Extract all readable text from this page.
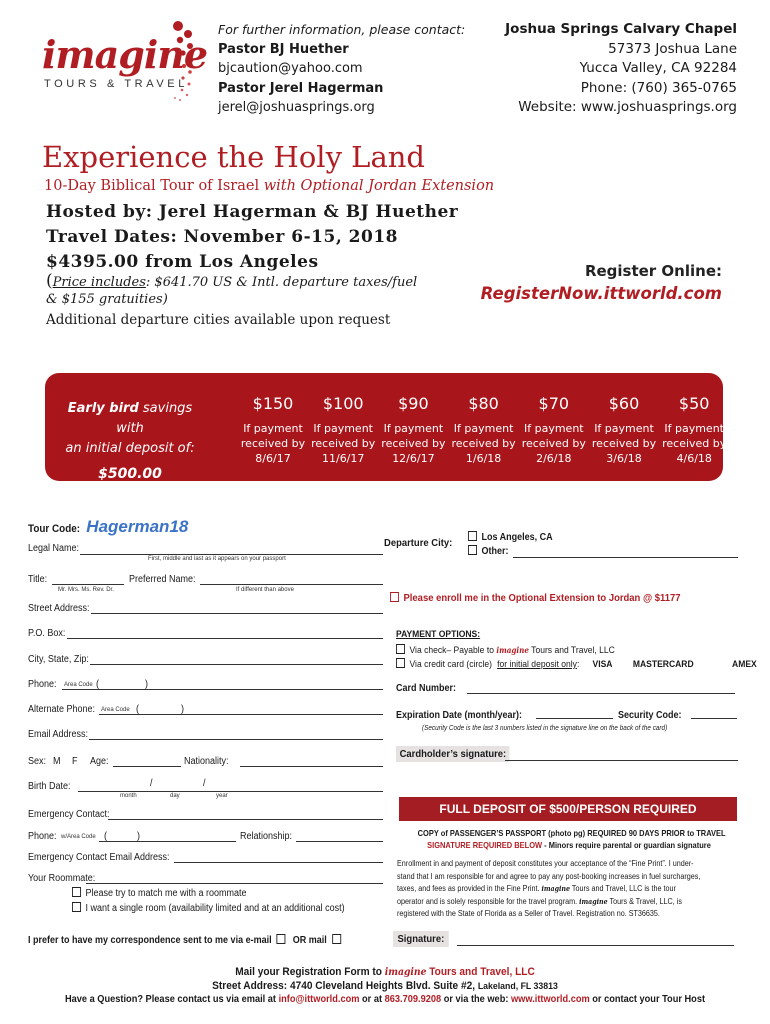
imagine
TOURS & TRAVEL
For further information, please contact:
Pastor BJ Huether
bjcaution@yahoo.com
Pastor Jerel Hagerman
jerel@joshuasprings.org
Joshua Springs Calvary Chapel
57373 Joshua Lane
Yucca Valley, CA 92284
Phone: (760) 365-0765
Website: www.joshuasprings.org
Experience the Holy Land
10-Day Biblical Tour of Israel with Optional Jordan Extension
Hosted by: Jerel Hagerman & BJ Huether
Travel Dates: November 6-15, 2018
$4395.00 from Los Angeles
(Price includes: $641.70 US & Intl. departure taxes/fuel
& $155 gratuities)
Additional departure cities available upon request
Register Online:
RegisterNow.ittworld.com
Early bird savings with
an initial deposit of:
$500.00
$150
If payment
received by
8/6/17
$100
If payment
received by
11/6/17
$90
If payment
received by
12/6/17
$80
If payment
received by
1/6/18
$70
If payment
received by
2/6/18
$60
If payment
received by
3/6/18
$50
If payment
received by
4/6/18
Tour Code: Hagerman18
Legal Name:
First, middle and last as it appears on your passport
Title:
Mr. Mrs. Ms. Rev. Dr.
Preferred Name:
If different than above
Street Address:
P.O. Box:
City, State, Zip:
Phone: Area Code (	)
Alternate Phone: Area Code (	)
Email Address:
Sex: M F Age:	Nationality:
Birth Date:	/	/
month	day	year
Emergency Contact:
Phone: w/Area Code (	)	Relationship:
Emergency Contact Email Address:
Your Roommate:
Please try to match me with a roommate
I want a single room (availability limited and at an additional cost)
I prefer to have my correspondence sent to me via e-mail OR mail
Departure City:	Los Angeles, CA
Other:
Please enroll me in the Optional Extension to Jordan @ $1177
PAYMENT OPTIONS:
Via check– Payable to imagine Tours and Travel, LLC
Via credit card (circle) for initial deposit only: VISA MASTERCARD	AMEX
Card Number:
Expiration Date (month/year):	Security Code:
(Security Code is the last 3 numbers listed in the signature line on the back of the card)
Cardholder’s signature:
FULL DEPOSIT OF $500/PERSON REQUIRED
COPY of PASSENGER’S PASSPORT (photo pg) REQUIRED 90 DAYS PRIOR to TRAVEL
SIGNATURE REQUIRED BELOW - Minors require parental or guardian signature
Enrollment in and payment of deposit constitutes your acceptance of the “Fine Print”. I under-
stand that I am responsible for and agree to pay any post-booking increases in fuel surcharges,
taxes, and fees as provided in the Fine Print. imagine Tours and Travel, LLC is the tour
operator and is solely responsible for the travel program. imagine Tours & Travel, LLC, is
registered with the State of Florida as a Seller of Travel. Registration no. ST36635.
Signature:
Mail your Registration Form to imagine Tours and Travel, LLC
Street Address: 4740 Cleveland Heights Blvd. Suite #2, Lakeland, FL 33813
Have a Question? Please contact us via email at info@ittworld.com or at 863.709.9208 or via the web: www.ittworld.com or contact your Tour Host
